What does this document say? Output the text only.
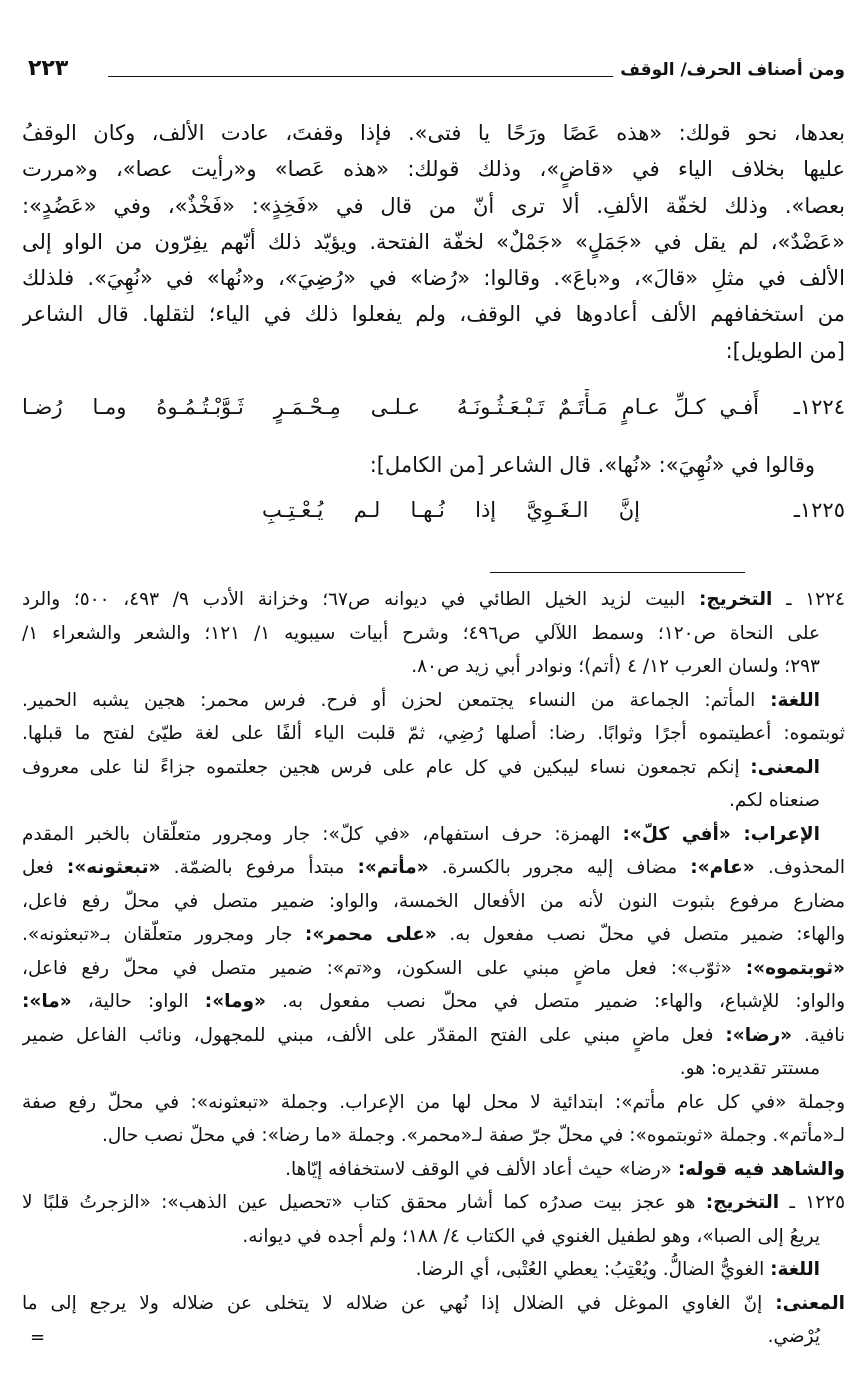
ومن أصناف الحرف/ الوقف
٢٢٣
بعدها، نحو قولك: «هذه عَصًا ورَحًا يا فتى». فإذا وقفتَ، عادت الألف، وكان الوقفُ
عليها بخلاف الياء في «قاضٍ»، وذلك قولك: «هذه عَصا» و«رأيت عصا»، و«مررت
بعصا». وذلك لخفّة الألفِ. ألا ترى أنّ من قال في «فَخِذٍ»: «فَخْذٌ»، وفي «عَضُدٍ»:
«عَضْدٌ»، لم يقل في «جَمَلٍ» «جَمْلٌ» لخفّة الفتحة. ويؤيّد ذلك أنّهم يفِرّون من الواو إلى
الألف في مثلِ «قالَ»، و«باعَ». وقالوا: «رُضا» في «رُضِيَ»، و«نُها» في «نُهِيَ». فلذلك
من استخفافهم الألف أعادوها في الوقف، ولم يفعلوا ذلك في الياء؛ لثقلها. قال الشاعر
[من الطويل]:
١٢٢٤ـ
أَفـي كـلِّ عـامٍ مَـأْتَـمٌ تَـبْـعَـثُـونَـهُ
عـلـى مِـحْـمَـرٍ ثَـوَّبْـتُـمُـوهُ ومـا رُضـا
وقالوا في «نُهِيَ»: «نُها». قال الشاعر [من الكامل]:
١٢٢٥ـ
إنَّ الـغَـوِيَّ إذا نُـهـا لـم يُـعْـتِـبِ
١٢٢٤ ـ التخريج: البيت لزيد الخيل الطائي في ديوانه ص٦٧؛ وخزانة الأدب ٩/ ٤٩٣، ٥٠٠؛ والرد
على النحاة ص١٢٠؛ وسمط اللآلي ص٤٩٦؛ وشرح أبيات سيبويه ١/ ١٢١؛ والشعر والشعراء ١/
٢٩٣؛ ولسان العرب ١٢/ ٤ (أتم)؛ ونوادر أبي زيد ص٨٠.
اللغة: المأتم: الجماعة من النساء يجتمعن لحزن أو فرح. فرس محمر: هجين يشبه الحمير.
ثوبتموه: أعطيتموه أجرًا وثوابًا. رضا: أصلها رُضِي، ثمّ قلبت الياء ألفًا على لغة طيّئ لفتح ما قبلها.
المعنى: إنكم تجمعون نساء ليبكين في كل عام على فرس هجين جعلتموه جزاءً لنا على معروف
صنعناه لكم.
الإعراب: «أفي كلّ»: الهمزة: حرف استفهام، «في كلّ»: جار ومجرور متعلّقان بالخبر المقدم
المحذوف. «عام»: مضاف إليه مجرور بالكسرة. «مأتم»: مبتدأ مرفوع بالضمّة. «تبعثونه»: فعل
مضارع مرفوع بثبوت النون لأنه من الأفعال الخمسة، والواو: ضمير متصل في محلّ رفع فاعل،
والهاء: ضمير متصل في محلّ نصب مفعول به. «على محمر»: جار ومجرور متعلّقان بـ«تبعثونه».
«ثوبتموه»: «ثوّب»: فعل ماضٍ مبني على السكون، و«تم»: ضمير متصل في محلّ رفع فاعل،
والواو: للإشباع، والهاء: ضمير متصل في محلّ نصب مفعول به. «وما»: الواو: حالية، «ما»:
نافية. «رضا»: فعل ماضٍ مبني على الفتح المقدّر على الألف، مبني للمجهول، ونائب الفاعل ضمير
مستتر تقديره: هو.
وجملة «في كل عام مأتم»: ابتدائية لا محل لها من الإعراب. وجملة «تبعثونه»: في محلّ رفع صفة
لـ«مأتم». وجملة «ثوبتموه»: في محلّ جرّ صفة لـ«محمر». وجملة «ما رضا»: في محلّ نصب حال.
والشاهد فيه قوله: «رضا» حيث أعاد الألف في الوقف لاستخفافه إيّاها.
١٢٢٥ ـ التخريج: هو عجز بيت صدرُه كما أشار محقق كتاب «تحصيل عين الذهب»: «الزجرتُ قلبًا لا
يريعُ إلى الصبا»، وهو لطفيل الغنوي في الكتاب ٤/ ١٨٨؛ ولم أجده في ديوانه.
اللغة: الغويُّ الضالُّ. ويُعْتِبُ: يعطي العُتْبى، أي الرضا.
المعنى: إنّ الغاوي الموغل في الضلال إذا نُهي عن ضلاله لا يتخلى عن ضلاله ولا يرجع إلى ما
يُرْضي.
=
